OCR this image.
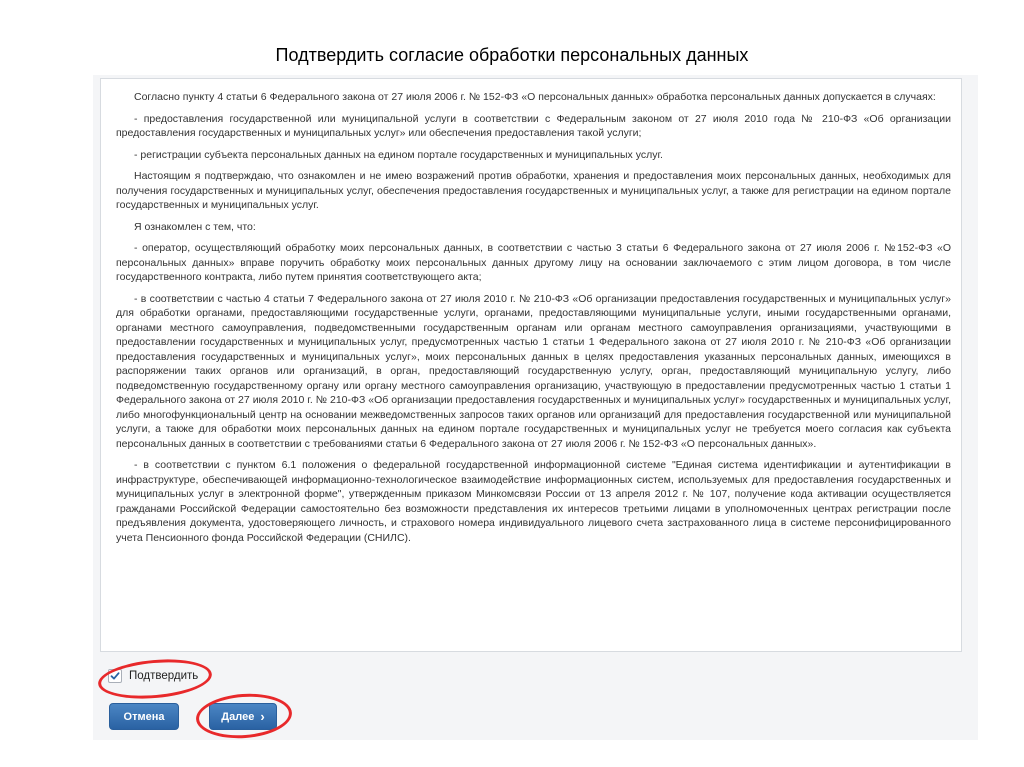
Подтвердить согласие обработки персональных данных

Согласно пункту 4 статьи 6 Федерального закона от 27 июля 2006 г. № 152-ФЗ «О персональных данных» обработка персональных данных допускается в случаях:

- предоставления государственной или муниципальной услуги в соответствии с Федеральным законом от 27 июля 2010 года № 210-ФЗ «Об организации предоставления государственных и муниципальных услуг» или обеспечения предоставления такой услуги;

- регистрации субъекта персональных данных на едином портале государственных и муниципальных услуг.

Настоящим я подтверждаю, что ознакомлен и не имею возражений против обработки, хранения и предоставления моих персональных данных, необходимых для получения государственных и муниципальных услуг, обеспечения предоставления государственных и муниципальных услуг, а также для регистрации на едином портале государственных и муниципальных услуг.

Я ознакомлен с тем, что:

- оператор, осуществляющий обработку моих персональных данных, в соответствии с частью 3 статьи 6 Федерального закона от 27 июля 2006 г. №152-ФЗ «О персональных данных» вправе поручить обработку моих персональных данных другому лицу на основании заключаемого с этим лицом договора, в том числе государственного контракта, либо путем принятия соответствующего акта;

- в соответствии с частью 4 статьи 7 Федерального закона от 27 июля 2010 г. № 210-ФЗ «Об организации предоставления государственных и муниципальных услуг» для обработки органами, предоставляющими государственные услуги, органами, предоставляющими муниципальные услуги, иными государственными органами, органами местного самоуправления, подведомственными государственным органам или органам местного самоуправления организациями, участвующими в предоставлении государственных и муниципальных услуг, предусмотренных частью 1 статьи 1 Федерального закона от 27 июля 2010 г. № 210-ФЗ «Об организации предоставления государственных и муниципальных услуг», моих персональных данных в целях предоставления указанных персональных данных, имеющихся в распоряжении таких органов или организаций, в орган, предоставляющий государственную услугу, орган, предоставляющий муниципальную услугу, либо подведомственную государственному органу или органу местного самоуправления организацию, участвующую в предоставлении предусмотренных частью 1 статьи 1 Федерального закона от 27 июля 2010 г. № 210-ФЗ «Об организации предоставления государственных и муниципальных услуг» государственных и муниципальных услуг, либо многофункциональный центр на основании межведомственных запросов таких органов или организаций для предоставления государственной или муниципальной услуги, а также для обработки моих персональных данных на едином портале государственных и муниципальных услуг не требуется моего согласия как субъекта персональных данных в соответствии с требованиями статьи 6 Федерального закона от 27 июля 2006 г. № 152-ФЗ «О персональных данных».

- в соответствии с пунктом 6.1 положения о федеральной государственной информационной системе "Единая система идентификации и аутентификации в инфраструктуре, обеспечивающей информационно-технологическое взаимодействие информационных систем, используемых для предоставления государственных и муниципальных услуг в электронной форме", утвержденным приказом Минкомсвязи России от 13 апреля 2012 г. № 107, получение кода активации осуществляется гражданами Российской Федерации самостоятельно без возможности представления их интересов третьими лицами в уполномоченных центрах регистрации после предъявления документа, удостоверяющего личность, и страхового номера индивидуального лицевого счета застрахованного лица в системе персонифицированного учета Пенсионного фонда Российской Федерации (СНИЛС).

Подтвердить
Отмена	Далее ›
